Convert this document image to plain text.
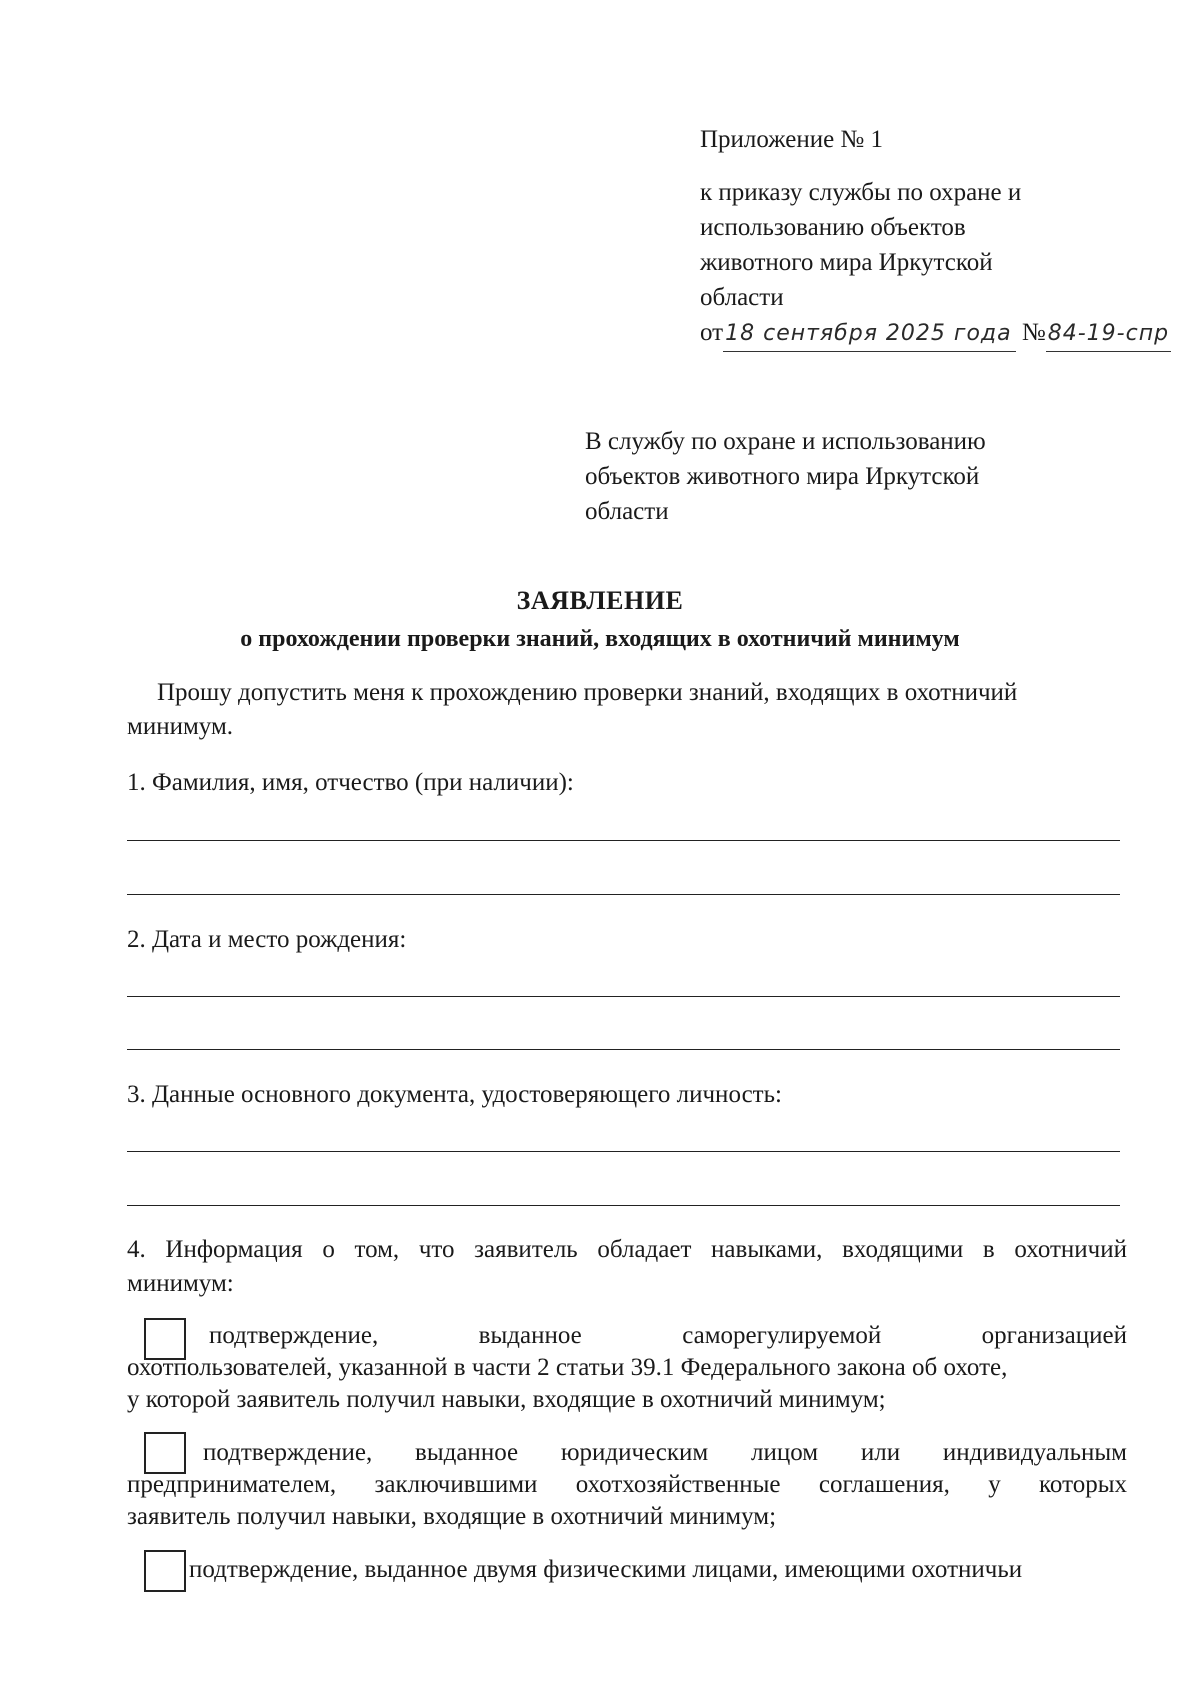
Приложение № 1
к приказу службы по охране и
использованию объектов
животного мира Иркутской
области
от18 сентября 2025 года №84-19-спр
В службу по охране и использованию
объектов животного мира Иркутской
области
ЗАЯВЛЕНИЕ
о прохождении проверки знаний, входящих в охотничий минимум
Прошу допустить меня к прохождению проверки знаний, входящих в охотничий
минимум.
1. Фамилия, имя, отчество (при наличии):
2. Дата и место рождения:
3. Данные основного документа, удостоверяющего личность:
4. Информация о том, что заявитель обладает навыками, входящими в охотничий
минимум:
подтверждение, выданное саморегулируемой организацией
охотпользователей, указанной в части 2 статьи 39.1 Федерального закона об охоте,
у которой заявитель получил навыки, входящие в охотничий минимум;
подтверждение, выданное юридическим лицом или индивидуальным
предпринимателем, заключившими охотхозяйственные соглашения, у которых
заявитель получил навыки, входящие в охотничий минимум;
подтверждение, выданное двумя физическими лицами, имеющими охотничьи
